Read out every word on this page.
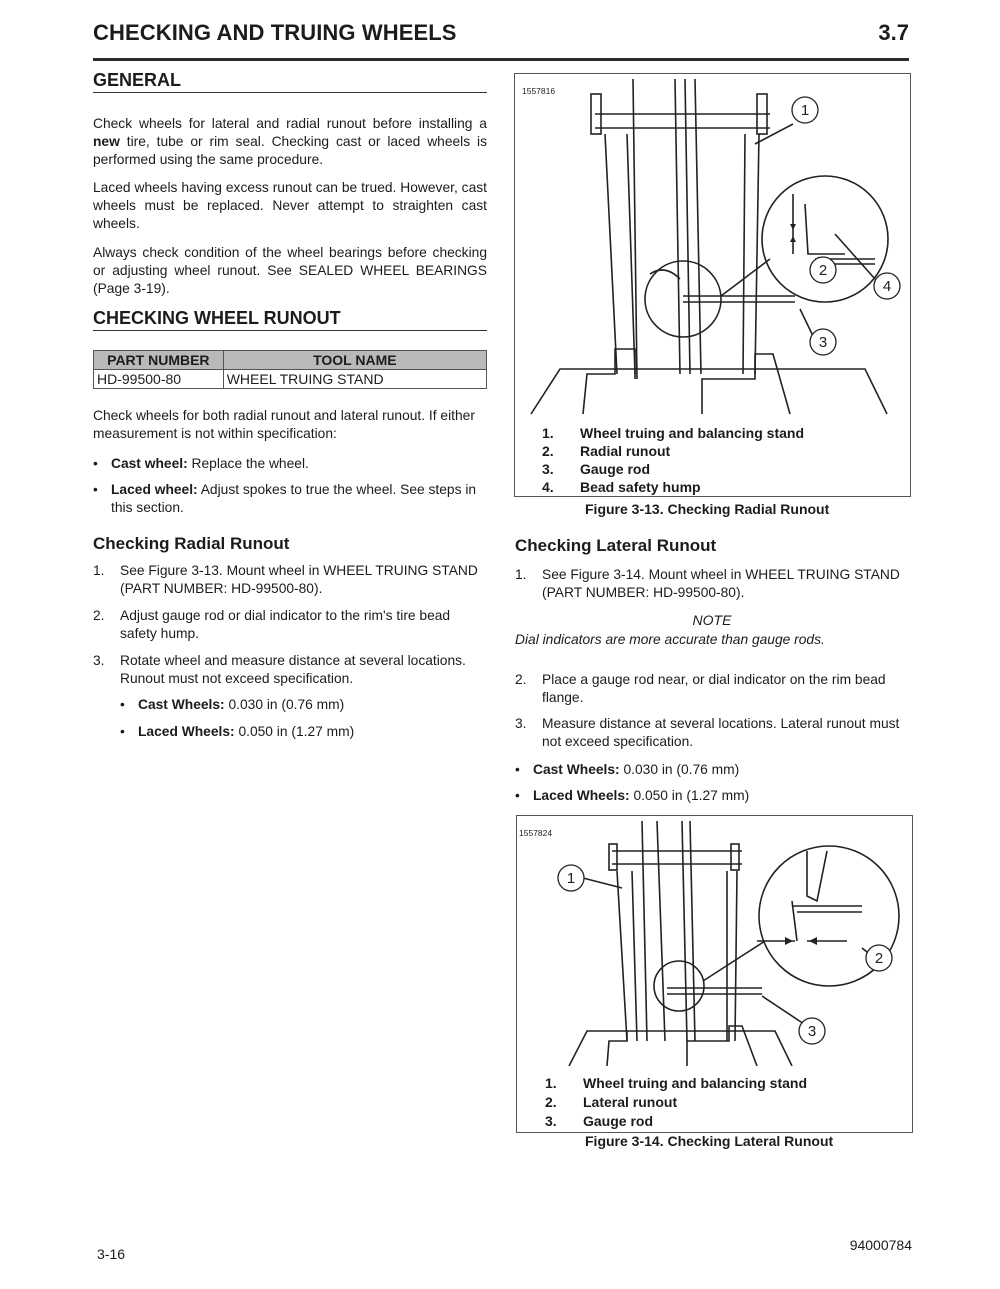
CHECKING AND TRUING WHEELS	3.7
GENERAL
Check wheels for lateral and radial runout before installing a new tire, tube or rim seal. Checking cast or laced wheels is performed using the same procedure.
Laced wheels having excess runout can be trued. However, cast wheels must be replaced. Never attempt to straighten cast wheels.
Always check condition of the wheel bearings before checking or adjusting wheel runout. See SEALED WHEEL BEARINGS (Page 3-19).
CHECKING WHEEL RUNOUT
PART NUMBER	TOOL NAME
HD-99500-80	WHEEL TRUING STAND
Check wheels for both radial runout and lateral runout. If either measurement is not within specification:
• Cast wheel: Replace the wheel.
• Laced wheel: Adjust spokes to true the wheel. See steps in this section.
Checking Radial Runout
1. See Figure 3-13. Mount wheel in WHEEL TRUING STAND (PART NUMBER: HD-99500-80).
2. Adjust gauge rod or dial indicator to the rim's tire bead safety hump.
3. Rotate wheel and measure distance at several locations. Runout must not exceed specification.
• Cast Wheels: 0.030 in (0.76 mm)
• Laced Wheels: 0.050 in (1.27 mm)
1557816
1
2
3
4
1. Wheel truing and balancing stand
2. Radial runout
3. Gauge rod
4. Bead safety hump
Figure 3-13. Checking Radial Runout
Checking Lateral Runout
1. See Figure 3-14. Mount wheel in WHEEL TRUING STAND (PART NUMBER: HD-99500-80).
NOTE
Dial indicators are more accurate than gauge rods.
2. Place a gauge rod near, or dial indicator on the rim bead flange.
3. Measure distance at several locations. Lateral runout must not exceed specification.
• Cast Wheels: 0.030 in (0.76 mm)
• Laced Wheels: 0.050 in (1.27 mm)
1557824
1
2
3
1. Wheel truing and balancing stand
2. Lateral runout
3. Gauge rod
Figure 3-14. Checking Lateral Runout
3-16
94000784
